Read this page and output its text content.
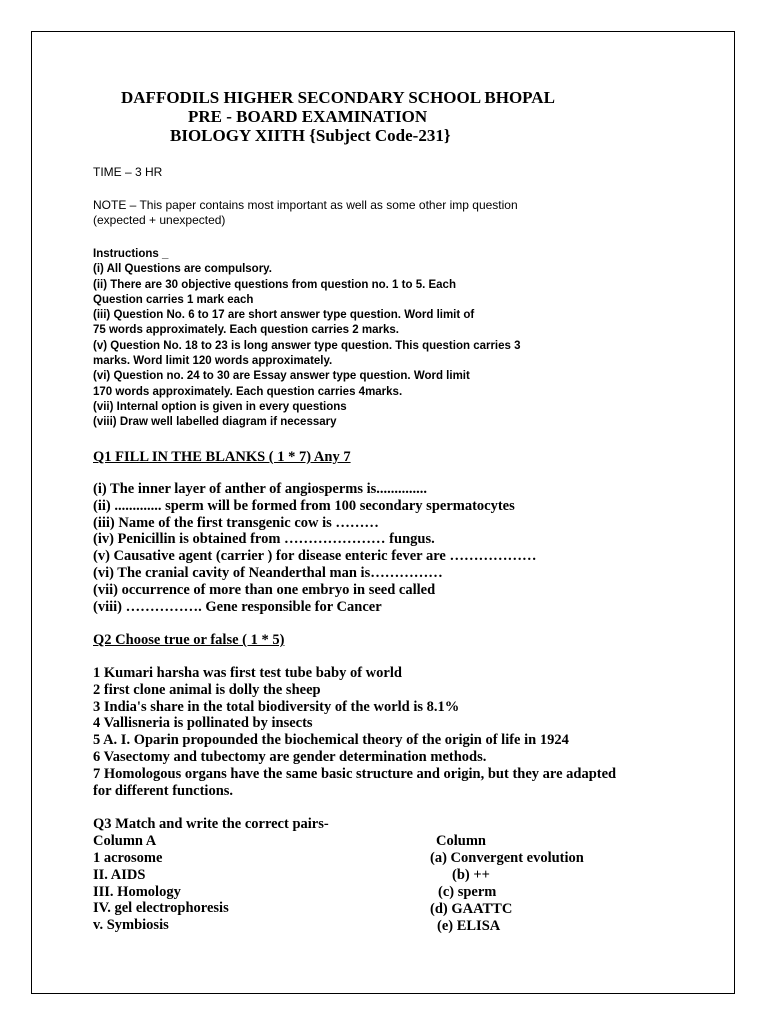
DAFFODILS HIGHER SECONDARY SCHOOL BHOPAL
PRE - BOARD EXAMINATION
BIOLOGY XIITH {Subject Code-231}
TIME – 3 HR
NOTE – This paper contains most important as well as some other imp question
(expected + unexpected)
Instructions _
(i) All Questions are compulsory.
(ii) There are 30 objective questions from question no. 1 to 5. Each
Question carries 1 mark each
(iii) Question No. 6 to 17 are short answer type question. Word limit of
75 words approximately. Each question carries 2 marks.
(v) Question No. 18 to 23 is long answer type question. This question carries 3
marks. Word limit 120 words approximately.
(vi) Question no. 24 to 30 are Essay answer type question. Word limit
170 words approximately. Each question carries 4marks.
(vii) Internal option is given in every questions
(viii) Draw well labelled diagram if necessary
Q1 FILL IN THE BLANKS ( 1 * 7) Any 7
(i) The inner layer of anther of angiosperms is..............
(ii) ............. sperm will be formed from 100 secondary spermatocytes
(iii) Name of the first transgenic cow is ………
(iv) Penicillin is obtained from ………………… fungus.
(v) Causative agent (carrier ) for disease enteric fever are ………………
(vi) The cranial cavity of Neanderthal man is……………
(vii) occurrence of more than one embryo in seed called
(viii) ……………. Gene responsible for Cancer
Q2 Choose true or false ( 1 * 5)
1 Kumari harsha was first test tube baby of world
2 first clone animal is dolly the sheep
3 India's share in the total biodiversity of the world is 8.1%
4 Vallisneria is pollinated by insects
5 A. I. Oparin propounded the biochemical theory of the origin of life in 1924
6 Vasectomy and tubectomy are gender determination methods.
7 Homologous organs have the same basic structure and origin, but they are adapted
for different functions.
Q3 Match and write the correct pairs-
Column A	Column
1 acrosome
II. AIDS
III. Homology
IV. gel electrophoresis
v. Symbiosis
(a) Convergent evolution
(b) ++
(c) sperm
(d) GAATTC
(e) ELISA
